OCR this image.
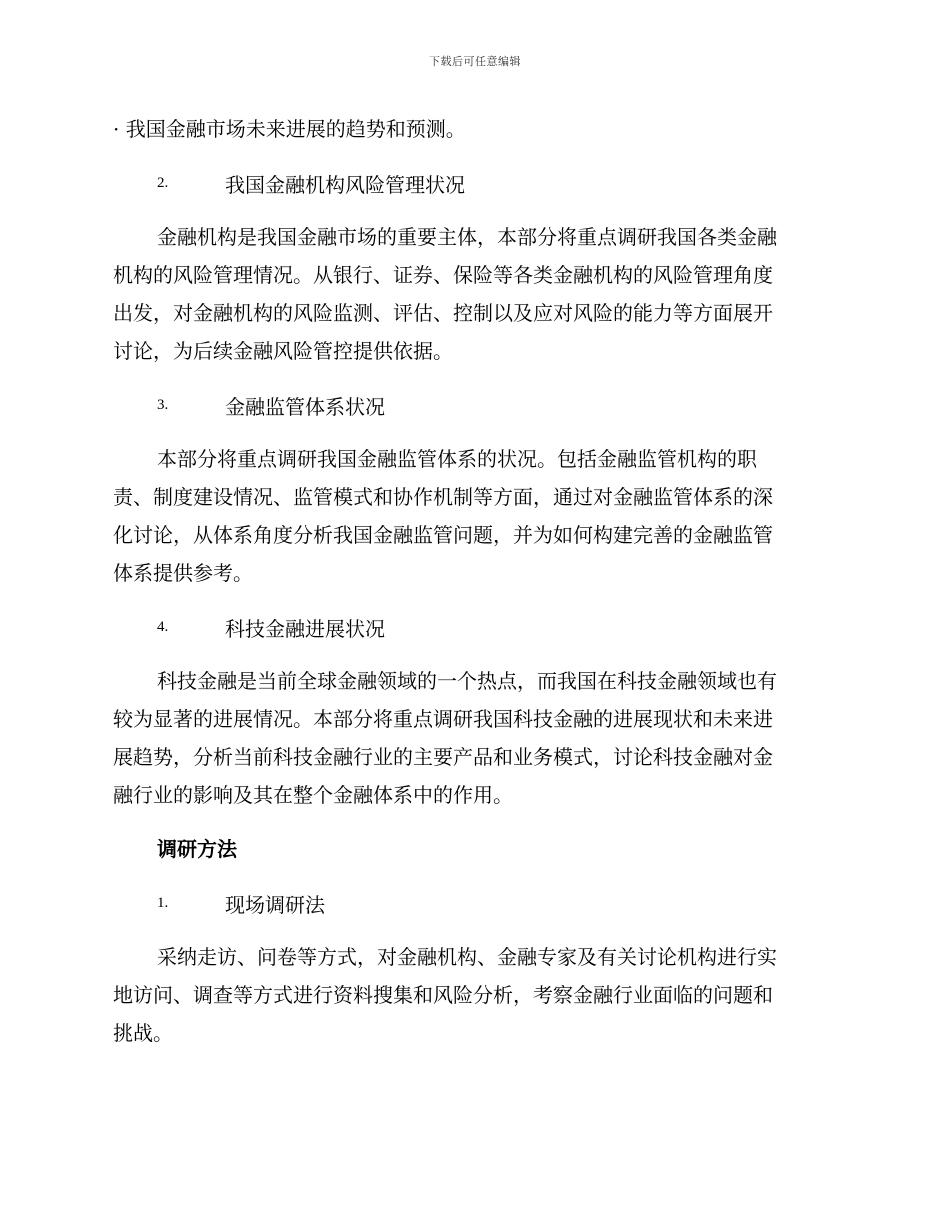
下载后可任意编辑
· 我国金融市场未来进展的趋势和预测。
2.	我国金融机构风险管理状况

金融机构是我国金融市场的重要主体，本部分将重点调研我国各类金融

机构的风险管理情况。从银行、证券、保险等各类金融机构的风险管理角度

出发，对金融机构的风险监测、评估、控制以及应对风险的能力等方面展开

讨论，为后续金融风险管控提供依据。

3.	金融监管体系状况

本部分将重点调研我国金融监管体系的状况。包括金融监管机构的职

责、制度建设情况、监管模式和协作机制等方面，通过对金融监管体系的深

化讨论，从体系角度分析我国金融监管问题，并为如何构建完善的金融监管

体系提供参考。

4.	科技金融进展状况

科技金融是当前全球金融领域的一个热点，而我国在科技金融领域也有

较为显著的进展情况。本部分将重点调研我国科技金融的进展现状和未来进

展趋势，分析当前科技金融行业的主要产品和业务模式，讨论科技金融对金

融行业的影响及其在整个金融体系中的作用。

调研方法
1.	现场调研法

采纳走访、问卷等方式，对金融机构、金融专家及有关讨论机构进行实

地访问、调查等方式进行资料搜集和风险分析，考察金融行业面临的问题和

挑战。
